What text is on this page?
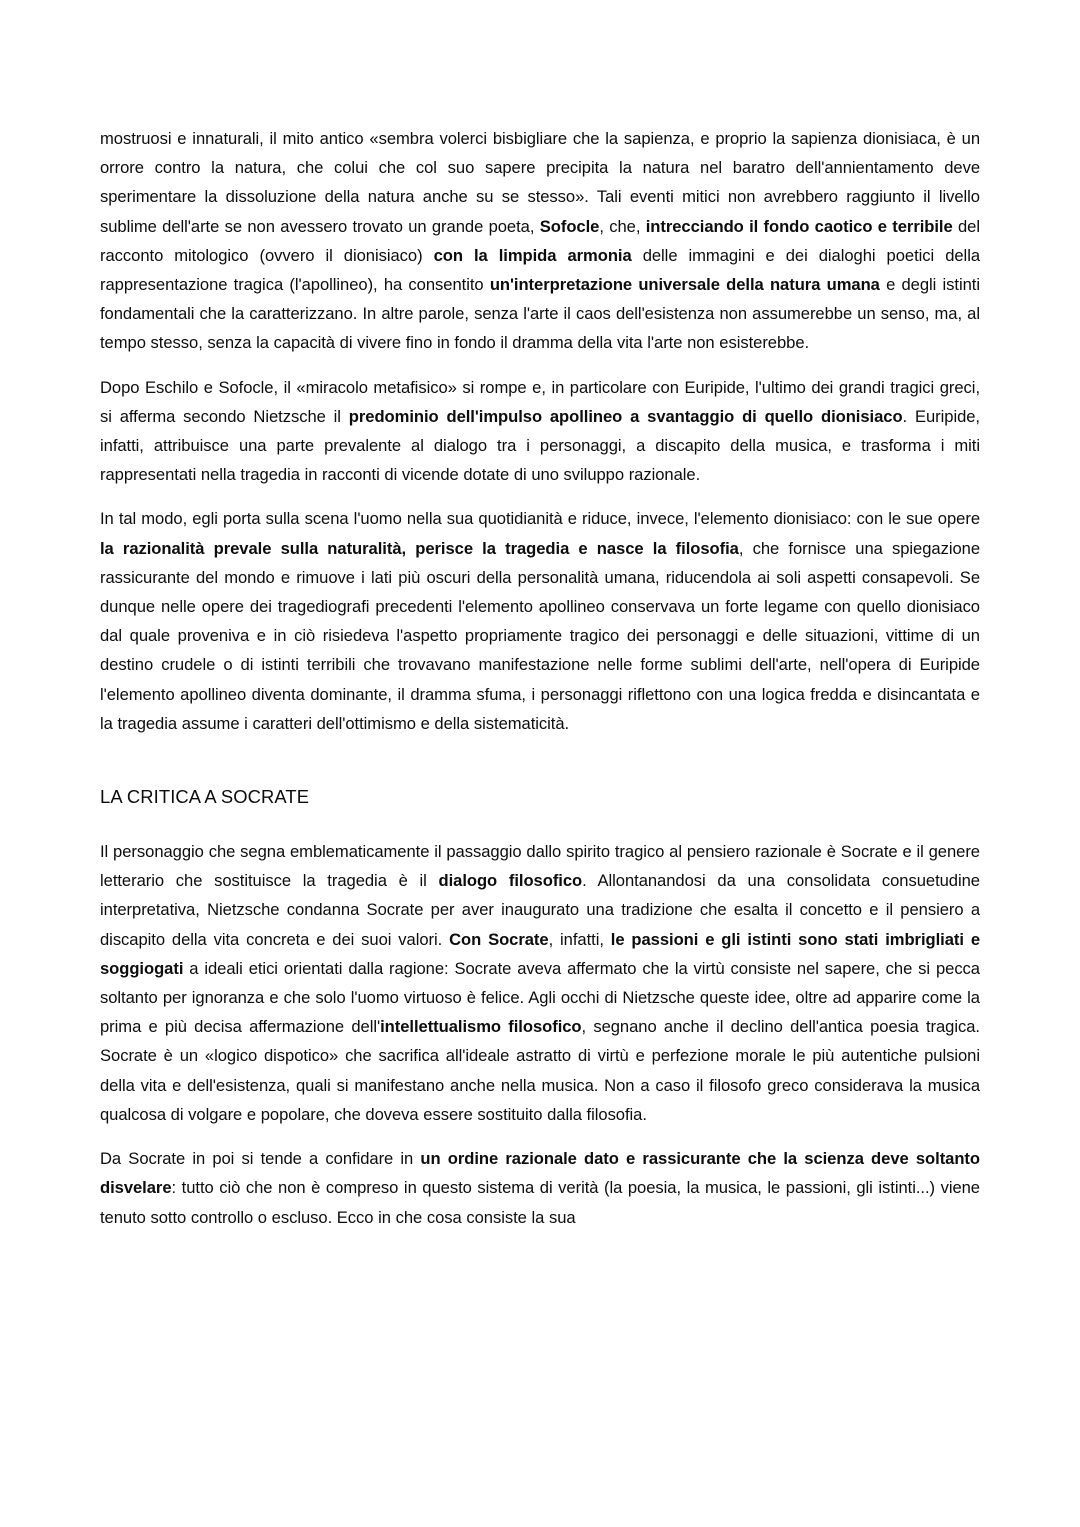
mostruosi e innaturali, il mito antico «sembra volerci bisbigliare che la sapienza, e proprio la sapienza dionisiaca, è un orrore contro la natura, che colui che col suo sapere precipita la natura nel baratro dell'annientamento deve sperimentare la dissoluzione della natura anche su se stesso». Tali eventi mitici non avrebbero raggiunto il livello sublime dell'arte se non avessero trovato un grande poeta, Sofocle, che, intrecciando il fondo caotico e terribile del racconto mitologico (ovvero il dionisiaco) con la limpida armonia delle immagini e dei dialoghi poetici della rappresentazione tragica (l'apollineo), ha consentito un'interpretazione universale della natura umana e degli istinti fondamentali che la caratterizzano. In altre parole, senza l'arte il caos dell'esistenza non assumerebbe un senso, ma, al tempo stesso, senza la capacità di vivere fino in fondo il dramma della vita l'arte non esisterebbe.

Dopo Eschilo e Sofocle, il «miracolo metafisico» si rompe e, in particolare con Euripide, l'ultimo dei grandi tragici greci, si afferma secondo Nietzsche il predominio dell'impulso apollineo a svantaggio di quello dionisiaco. Euripide, infatti, attribuisce una parte prevalente al dialogo tra i personaggi, a discapito della musica, e trasforma i miti rappresentati nella tragedia in racconti di vicende dotate di uno sviluppo razionale.

In tal modo, egli porta sulla scena l'uomo nella sua quotidianità e riduce, invece, l'elemento dionisiaco: con le sue opere la razionalità prevale sulla naturalità, perisce la tragedia e nasce la filosofia, che fornisce una spiegazione rassicurante del mondo e rimuove i lati più oscuri della personalità umana, riducendola ai soli aspetti consapevoli. Se dunque nelle opere dei tragediografi precedenti l'elemento apollineo conservava un forte legame con quello dionisiaco dal quale proveniva e in ciò risiedeva l'aspetto propriamente tragico dei personaggi e delle situazioni, vittime di un destino crudele o di istinti terribili che trovavano manifestazione nelle forme sublimi dell'arte, nell'opera di Euripide l'elemento apollineo diventa dominante, il dramma sfuma, i personaggi riflettono con una logica fredda e disincantata e la tragedia assume i caratteri dell'ottimismo e della sistematicità.

LA CRITICA A SOCRATE

Il personaggio che segna emblematicamente il passaggio dallo spirito tragico al pensiero razionale è Socrate e il genere letterario che sostituisce la tragedia è il dialogo filosofico. Allontanandosi da una consolidata consuetudine interpretativa, Nietzsche condanna Socrate per aver inaugurato una tradizione che esalta il concetto e il pensiero a discapito della vita concreta e dei suoi valori. Con Socrate, infatti, le passioni e gli istinti sono stati imbrigliati e soggiogati a ideali etici orientati dalla ragione: Socrate aveva affermato che la virtù consiste nel sapere, che si pecca soltanto per ignoranza e che solo l'uomo virtuoso è felice. Agli occhi di Nietzsche queste idee, oltre ad apparire come la prima e più decisa affermazione dell'intellettualismo filosofico, segnano anche il declino dell'antica poesia tragica. Socrate è un «logico dispotico» che sacrifica all'ideale astratto di virtù e perfezione morale le più autentiche pulsioni della vita e dell'esistenza, quali si manifestano anche nella musica. Non a caso il filosofo greco considerava la musica qualcosa di volgare e popolare, che doveva essere sostituito dalla filosofia.

Da Socrate in poi si tende a confidare in un ordine razionale dato e rassicurante che la scienza deve soltanto disvelare: tutto ciò che non è compreso in questo sistema di verità (la poesia, la musica, le passioni, gli istinti...) viene tenuto sotto controllo o escluso. Ecco in che cosa consiste la sua
